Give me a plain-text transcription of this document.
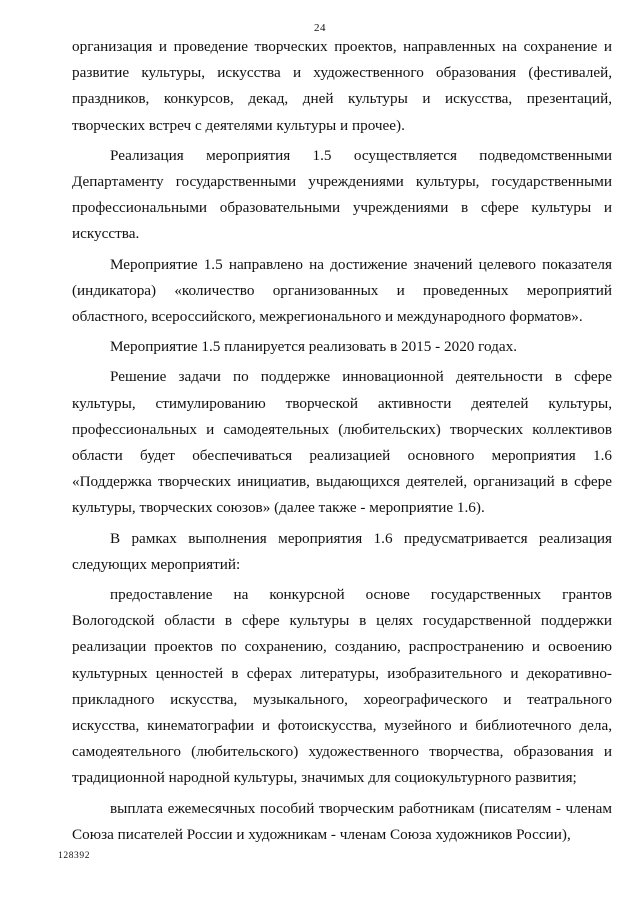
24

организация и проведение творческих проектов, направленных на сохранение и развитие культуры, искусства и художественного образования (фестивалей, праздников, конкурсов, декад, дней культуры и искусства, презентаций, творческих встреч с деятелями культуры и прочее).

Реализация мероприятия 1.5 осуществляется подведомственными Департаменту государственными учреждениями культуры, государственными профессиональными образовательными учреждениями в сфере культуры и искусства.

Мероприятие 1.5 направлено на достижение значений целевого показателя (индикатора) «количество организованных и проведенных мероприятий областного, всероссийского, межрегионального и международного форматов».

Мероприятие 1.5 планируется реализовать в 2015 - 2020 годах.

Решение задачи по поддержке инновационной деятельности в сфере культуры, стимулированию творческой активности деятелей культуры, профессиональных и самодеятельных (любительских) творческих коллективов области будет обеспечиваться реализацией основного мероприятия 1.6 «Поддержка творческих инициатив, выдающихся деятелей, организаций в сфере культуры, творческих союзов» (далее также - мероприятие 1.6).

В рамках выполнения мероприятия 1.6 предусматривается реализация следующих мероприятий:

предоставление на конкурсной основе государственных грантов Вологодской области в сфере культуры в целях государственной поддержки реализации проектов по сохранению, созданию, распространению и освоению культурных ценностей в сферах литературы, изобразительного и декоративно-прикладного искусства, музыкального, хореографического и театрального искусства, кинематографии и фотоискусства, музейного и библиотечного дела, самодеятельного (любительского) художественного творчества, образования и традиционной народной культуры, значимых для социокультурного развития;

выплата ежемесячных пособий творческим работникам (писателям - членам Союза писателей России и художникам - членам Союза художников России),

128392
